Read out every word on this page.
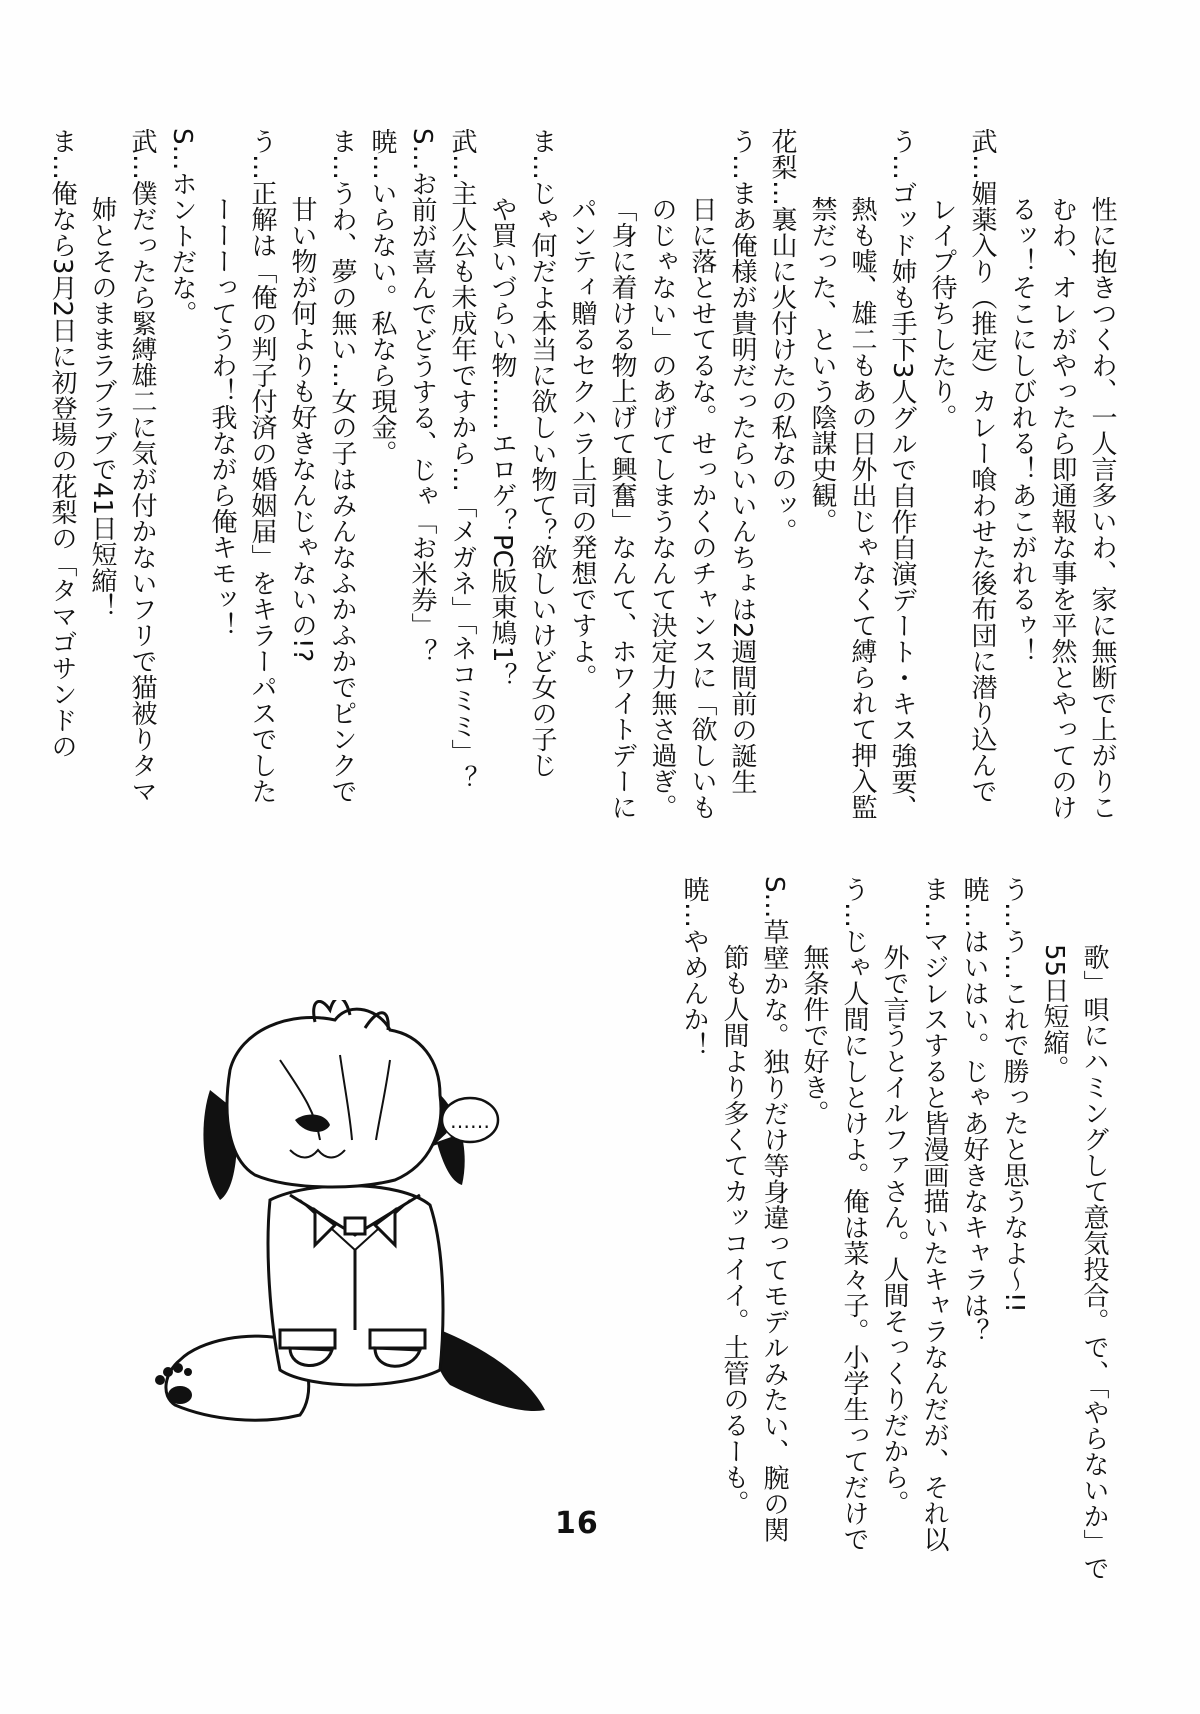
性に抱きつくわ、一人言多いわ、家に無断で上がりこ
むわ、オレがやったら即通報な事を平然とやってのけ
るッ！そこにしびれる！あこがれるゥ！
武…媚薬入り（推定）カレー喰わせた後布団に潜り込んで
レイプ待ちしたり。
う…ゴッド姉も手下3人グルで自作自演デート・キス強要、
熱も嘘、雄二もあの日外出じゃなくて縛られて押入監
禁だった、という陰謀史観。
花梨…裏山に火付けたの私なのッ。
う…まあ俺様が貴明だったらいいんちょは2週間前の誕生
日に落とせてるな。せっかくのチャンスに「欲しいも
のじゃない」のあげてしまうなんて決定力無さ過ぎ。
「身に着ける物上げて興奮」なんて、ホワイトデーに
パンティ贈るセクハラ上司の発想ですよ。
ま…じゃ何だよ本当に欲しい物て？欲しいけど女の子じ
や買いづらい物……エロゲ？PC版東鳩1？
武…主人公も未成年ですから…「メガネ」「ネコミミ」？
S…お前が喜んでどうする、じゃ「お米券」？
暁…いらない。私なら現金。
ま…うわ、夢の無い…女の子はみんなふかふかでピンクで
甘い物が何よりも好きなんじゃないの!?
う…正解は「俺の判子付済の婚姻届」をキラーパスでした
ーーーってうわ！我ながら俺キモッ！
S…ホントだな。
武…僕だったら緊縛雄二に気が付かないフリで猫被りタマ
姉とそのままラブラブで41日短縮！
ま…俺なら3月2日に初登場の花梨の「タマゴサンドの
歌」唄にハミングして意気投合。で、「やらないか」で
55日短縮。
う…う…これで勝ったと思うなよ〜!!
暁…はいはい。じゃあ好きなキャラは？
ま…マジレスすると皆漫画描いたキャラなんだが、それ以
外で言うとイルファさん。人間そっくりだから。
う…じゃ人間にしとけよ。俺は菜々子。小学生ってだけで
無条件で好き。
S…草壁かな。独りだけ等身違ってモデルみたい、腕の関
節も人間より多くてカッコイイ。土管のるーも。
暁…やめんか！
……
16
